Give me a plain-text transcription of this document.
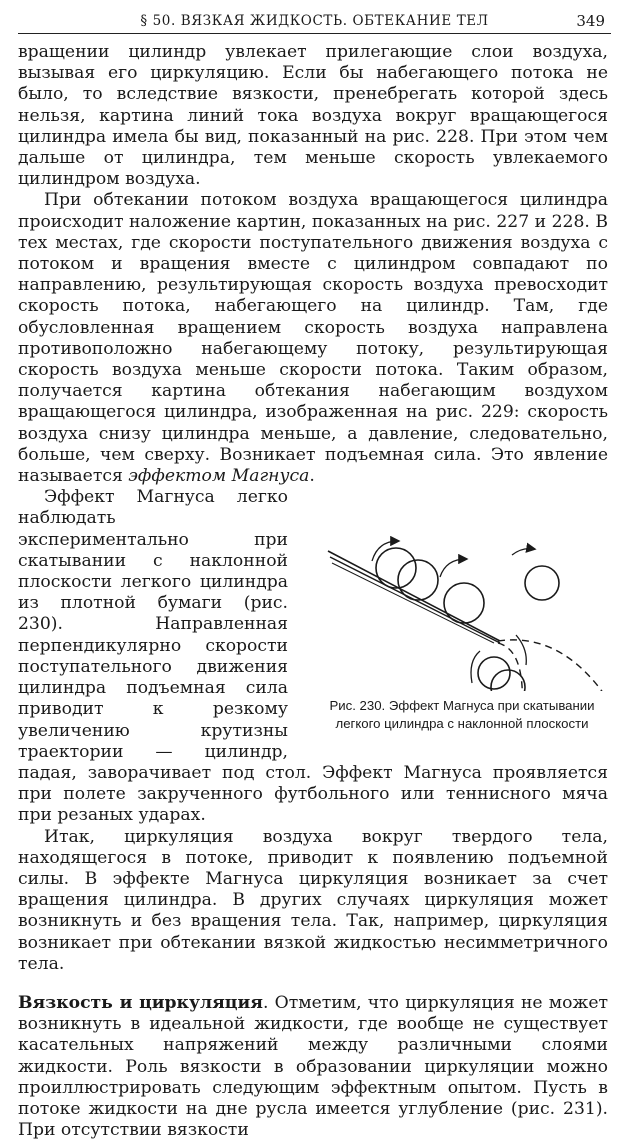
§ 50. ВЯЗКАЯ ЖИДКОСТЬ. ОБТЕКАНИЕ ТЕЛ	349

вращении цилиндр увлекает прилегающие слои воздуха, вызывая его циркуляцию. Если бы набегающего потока не было, то вследствие вязкости, пренебрегать которой здесь нельзя, картина линий тока воздуха вокруг вращающегося цилиндра имела бы вид, показанный на рис. 228. При этом чем дальше от цилиндра, тем меньше скорость увлекаемого цилиндром воздуха.

При обтекании потоком воздуха вращающегося цилиндра происходит наложение картин, показанных на рис. 227 и 228. В тех местах, где скорости поступательного движения воздуха с потоком и вращения вместе с цилиндром совпадают по направлению, результирующая скорость воздуха превосходит скорость потока, набегающего на цилиндр. Там, где обусловленная вращением скорость воздуха направлена противоположно набегающему потоку, результирующая скорость воздуха меньше скорости потока. Таким образом, получается картина обтекания набегающим воздухом вращающегося цилиндра, изображенная на рис. 229: скорость воздуха снизу цилиндра меньше, а давление, следовательно, больше, чем сверху. Возникает подъемная сила. Это явление называется эффектом Магнуса.

Рис. 230. Эффект Магнуса при скатывании легкого цилиндра с наклонной плоскости

Эффект Магнуса легко наблюдать экспериментально при скатывании с наклонной плоскости легкого цилиндра из плотной бумаги (рис. 230). Направленная перпендикулярно скорости поступательного движения цилиндра подъемная сила приводит к резкому увеличению крутизны траектории — цилиндр, падая, заворачивает под стол. Эффект Магнуса проявляется при полете закрученного футбольного или теннисного мяча при резаных ударах.

Итак, циркуляция воздуха вокруг твердого тела, находящегося в потоке, приводит к появлению подъемной силы. В эффекте Магнуса циркуляция возникает за счет вращения цилиндра. В других случаях циркуляция может возникнуть и без вращения тела. Так, например, циркуляция возникает при обтекании вязкой жидкостью несимметричного тела.

Вязкость и циркуляция. Отметим, что циркуляция не может возникнуть в идеальной жидкости, где вообще не существует касательных напряжений между различными слоями жидкости. Роль вязкости в образовании циркуляции можно проиллюстрировать следующим эффектным опытом. Пусть в потоке жидкости на дне русла имеется углубление (рис. 231). При отсутствии вязкости
